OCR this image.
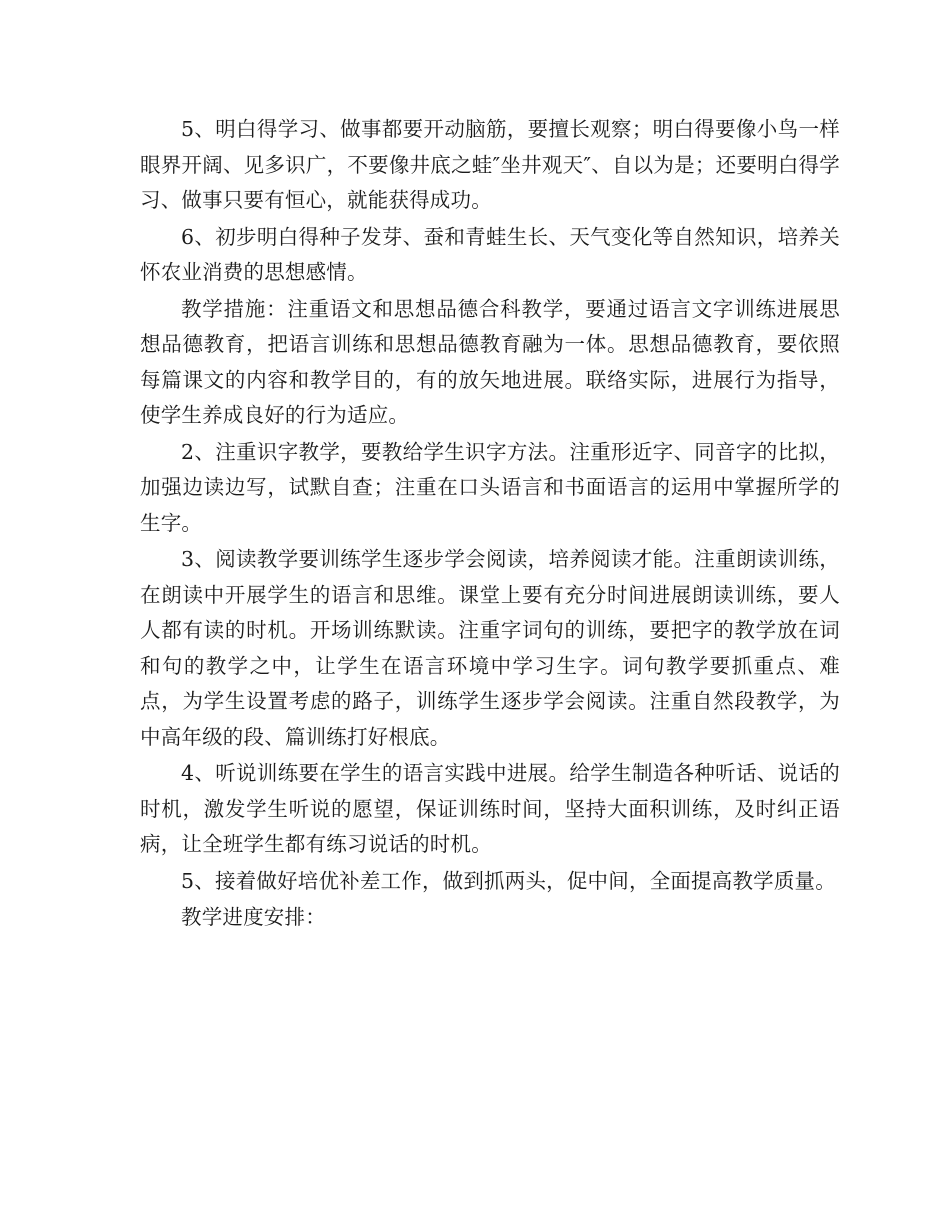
5、明白得学习、做事都要开动脑筋，要擅长观察；明白得要像小鸟一样眼界开阔、见多识广，不要像井底之蛙″坐井观天″、自以为是；还要明白得学习、做事只要有恒心，就能获得成功。

6、初步明白得种子发芽、蚕和青蛙生长、天气变化等自然知识，培养关怀农业消费的思想感情。

教学措施：注重语文和思想品德合科教学，要通过语言文字训练进展思想品德教育，把语言训练和思想品德教育融为一体。思想品德教育，要依照每篇课文的内容和教学目的，有的放矢地进展。联络实际，进展行为指导，使学生养成良好的行为适应。

2、注重识字教学，要教给学生识字方法。注重形近字、同音字的比拟，加强边读边写，试默自查；注重在口头语言和书面语言的运用中掌握所学的生字。

3、阅读教学要训练学生逐步学会阅读，培养阅读才能。注重朗读训练，在朗读中开展学生的语言和思维。课堂上要有充分时间进展朗读训练，要人人都有读的时机。开场训练默读。注重字词句的训练，要把字的教学放在词和句的教学之中，让学生在语言环境中学习生字。词句教学要抓重点、难点，为学生设置考虑的路子，训练学生逐步学会阅读。注重自然段教学，为中高年级的段、篇训练打好根底。

4、听说训练要在学生的语言实践中进展。给学生制造各种听话、说话的时机，激发学生听说的愿望，保证训练时间，坚持大面积训练，及时纠正语病，让全班学生都有练习说话的时机。

5、接着做好培优补差工作，做到抓两头，促中间，全面提高教学质量。

教学进度安排：
